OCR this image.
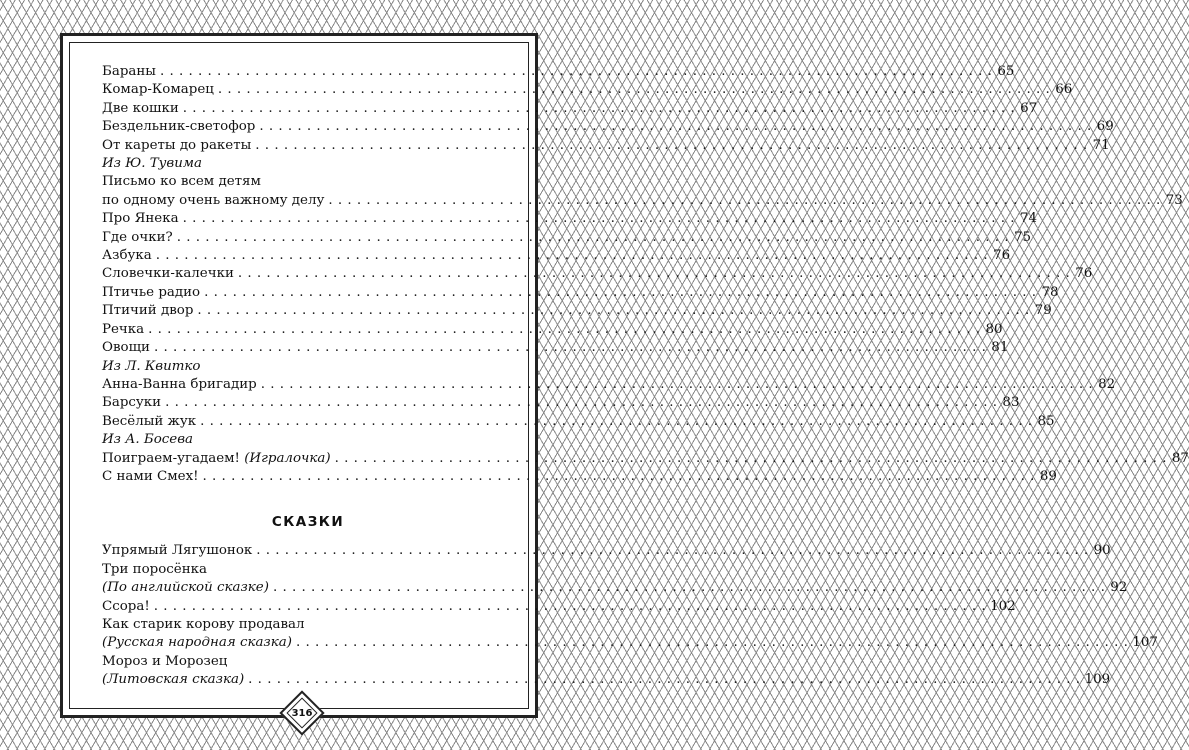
Бараны . . . . . . . . . . . . . . . . . . . . . . . . . . . . . . . . . . . . . . . . . . . . . . . . . . . . . . . . . . . . . . . . . . . . . . . . . . . . . . . . . . . . . . . . 65
Комар-Комарец . . . . . . . . . . . . . . . . . . . . . . . . . . . . . . . . . . . . . . . . . . . . . . . . . . . . . . . . . . . . . . . . . . . . . . . . . . . . . . . . . . . . . . . . 66
Две кошки . . . . . . . . . . . . . . . . . . . . . . . . . . . . . . . . . . . . . . . . . . . . . . . . . . . . . . . . . . . . . . . . . . . . . . . . . . . . . . . . . . . . . . . . 67
Бездельник-светофор . . . . . . . . . . . . . . . . . . . . . . . . . . . . . . . . . . . . . . . . . . . . . . . . . . . . . . . . . . . . . . . . . . . . . . . . . . . . . . . . . . . . . . . . 69
От кареты до ракеты . . . . . . . . . . . . . . . . . . . . . . . . . . . . . . . . . . . . . . . . . . . . . . . . . . . . . . . . . . . . . . . . . . . . . . . . . . . . . . . . . . . . . . . . 71
Из Ю. Тувима
Письмо ко всем детям
по одному очень важному делу . . . . . . . . . . . . . . . . . . . . . . . . . . . . . . . . . . . . . . . . . . . . . . . . . . . . . . . . . . . . . . . . . . . . . . . . . . . . . . . . . . . . . . . . 73
Про Янека . . . . . . . . . . . . . . . . . . . . . . . . . . . . . . . . . . . . . . . . . . . . . . . . . . . . . . . . . . . . . . . . . . . . . . . . . . . . . . . . . . . . . . . . 74
Где очки? . . . . . . . . . . . . . . . . . . . . . . . . . . . . . . . . . . . . . . . . . . . . . . . . . . . . . . . . . . . . . . . . . . . . . . . . . . . . . . . . . . . . . . . . 75
Азбука . . . . . . . . . . . . . . . . . . . . . . . . . . . . . . . . . . . . . . . . . . . . . . . . . . . . . . . . . . . . . . . . . . . . . . . . . . . . . . . . . . . . . . . . 76
Словечки-калечки . . . . . . . . . . . . . . . . . . . . . . . . . . . . . . . . . . . . . . . . . . . . . . . . . . . . . . . . . . . . . . . . . . . . . . . . . . . . . . . . . . . . . . . . 76
Птичье радио . . . . . . . . . . . . . . . . . . . . . . . . . . . . . . . . . . . . . . . . . . . . . . . . . . . . . . . . . . . . . . . . . . . . . . . . . . . . . . . . . . . . . . . . 78
Птичий двор . . . . . . . . . . . . . . . . . . . . . . . . . . . . . . . . . . . . . . . . . . . . . . . . . . . . . . . . . . . . . . . . . . . . . . . . . . . . . . . . . . . . . . . . 79
Речка . . . . . . . . . . . . . . . . . . . . . . . . . . . . . . . . . . . . . . . . . . . . . . . . . . . . . . . . . . . . . . . . . . . . . . . . . . . . . . . . . . . . . . . . 80
Овощи . . . . . . . . . . . . . . . . . . . . . . . . . . . . . . . . . . . . . . . . . . . . . . . . . . . . . . . . . . . . . . . . . . . . . . . . . . . . . . . . . . . . . . . . 81
Из Л. Квитко
Анна-Ванна бригадир . . . . . . . . . . . . . . . . . . . . . . . . . . . . . . . . . . . . . . . . . . . . . . . . . . . . . . . . . . . . . . . . . . . . . . . . . . . . . . . . . . . . . . . . 82
Барсуки . . . . . . . . . . . . . . . . . . . . . . . . . . . . . . . . . . . . . . . . . . . . . . . . . . . . . . . . . . . . . . . . . . . . . . . . . . . . . . . . . . . . . . . . 83
Весёлый жук . . . . . . . . . . . . . . . . . . . . . . . . . . . . . . . . . . . . . . . . . . . . . . . . . . . . . . . . . . . . . . . . . . . . . . . . . . . . . . . . . . . . . . . . 85
Из А. Босева
Поиграем-угадаем! (Игралочка) . . . . . . . . . . . . . . . . . . . . . . . . . . . . . . . . . . . . . . . . . . . . . . . . . . . . . . . . . . . . . . . . . . . . . . . . . . . . . . . . . . . . . . . . 87
С нами Смех! . . . . . . . . . . . . . . . . . . . . . . . . . . . . . . . . . . . . . . . . . . . . . . . . . . . . . . . . . . . . . . . . . . . . . . . . . . . . . . . . . . . . . . . . 89
СКАЗКИ
Упрямый Лягушонок . . . . . . . . . . . . . . . . . . . . . . . . . . . . . . . . . . . . . . . . . . . . . . . . . . . . . . . . . . . . . . . . . . . . . . . . . . . . . . . . . . . . . . . . 90
Три поросёнка
(По английской сказке) . . . . . . . . . . . . . . . . . . . . . . . . . . . . . . . . . . . . . . . . . . . . . . . . . . . . . . . . . . . . . . . . . . . . . . . . . . . . . . . . . . . . . . . . 92
Ссора! . . . . . . . . . . . . . . . . . . . . . . . . . . . . . . . . . . . . . . . . . . . . . . . . . . . . . . . . . . . . . . . . . . . . . . . . . . . . . . . . . . . . . . . . 102
Как старик корову продавал
(Русская народная сказка) . . . . . . . . . . . . . . . . . . . . . . . . . . . . . . . . . . . . . . . . . . . . . . . . . . . . . . . . . . . . . . . . . . . . . . . . . . . . . . . . . . . . . . . . 107
Мороз и Морозец
(Литовская сказка) . . . . . . . . . . . . . . . . . . . . . . . . . . . . . . . . . . . . . . . . . . . . . . . . . . . . . . . . . . . . . . . . . . . . . . . . . . . . . . . . . . . . . . . . 109
316
